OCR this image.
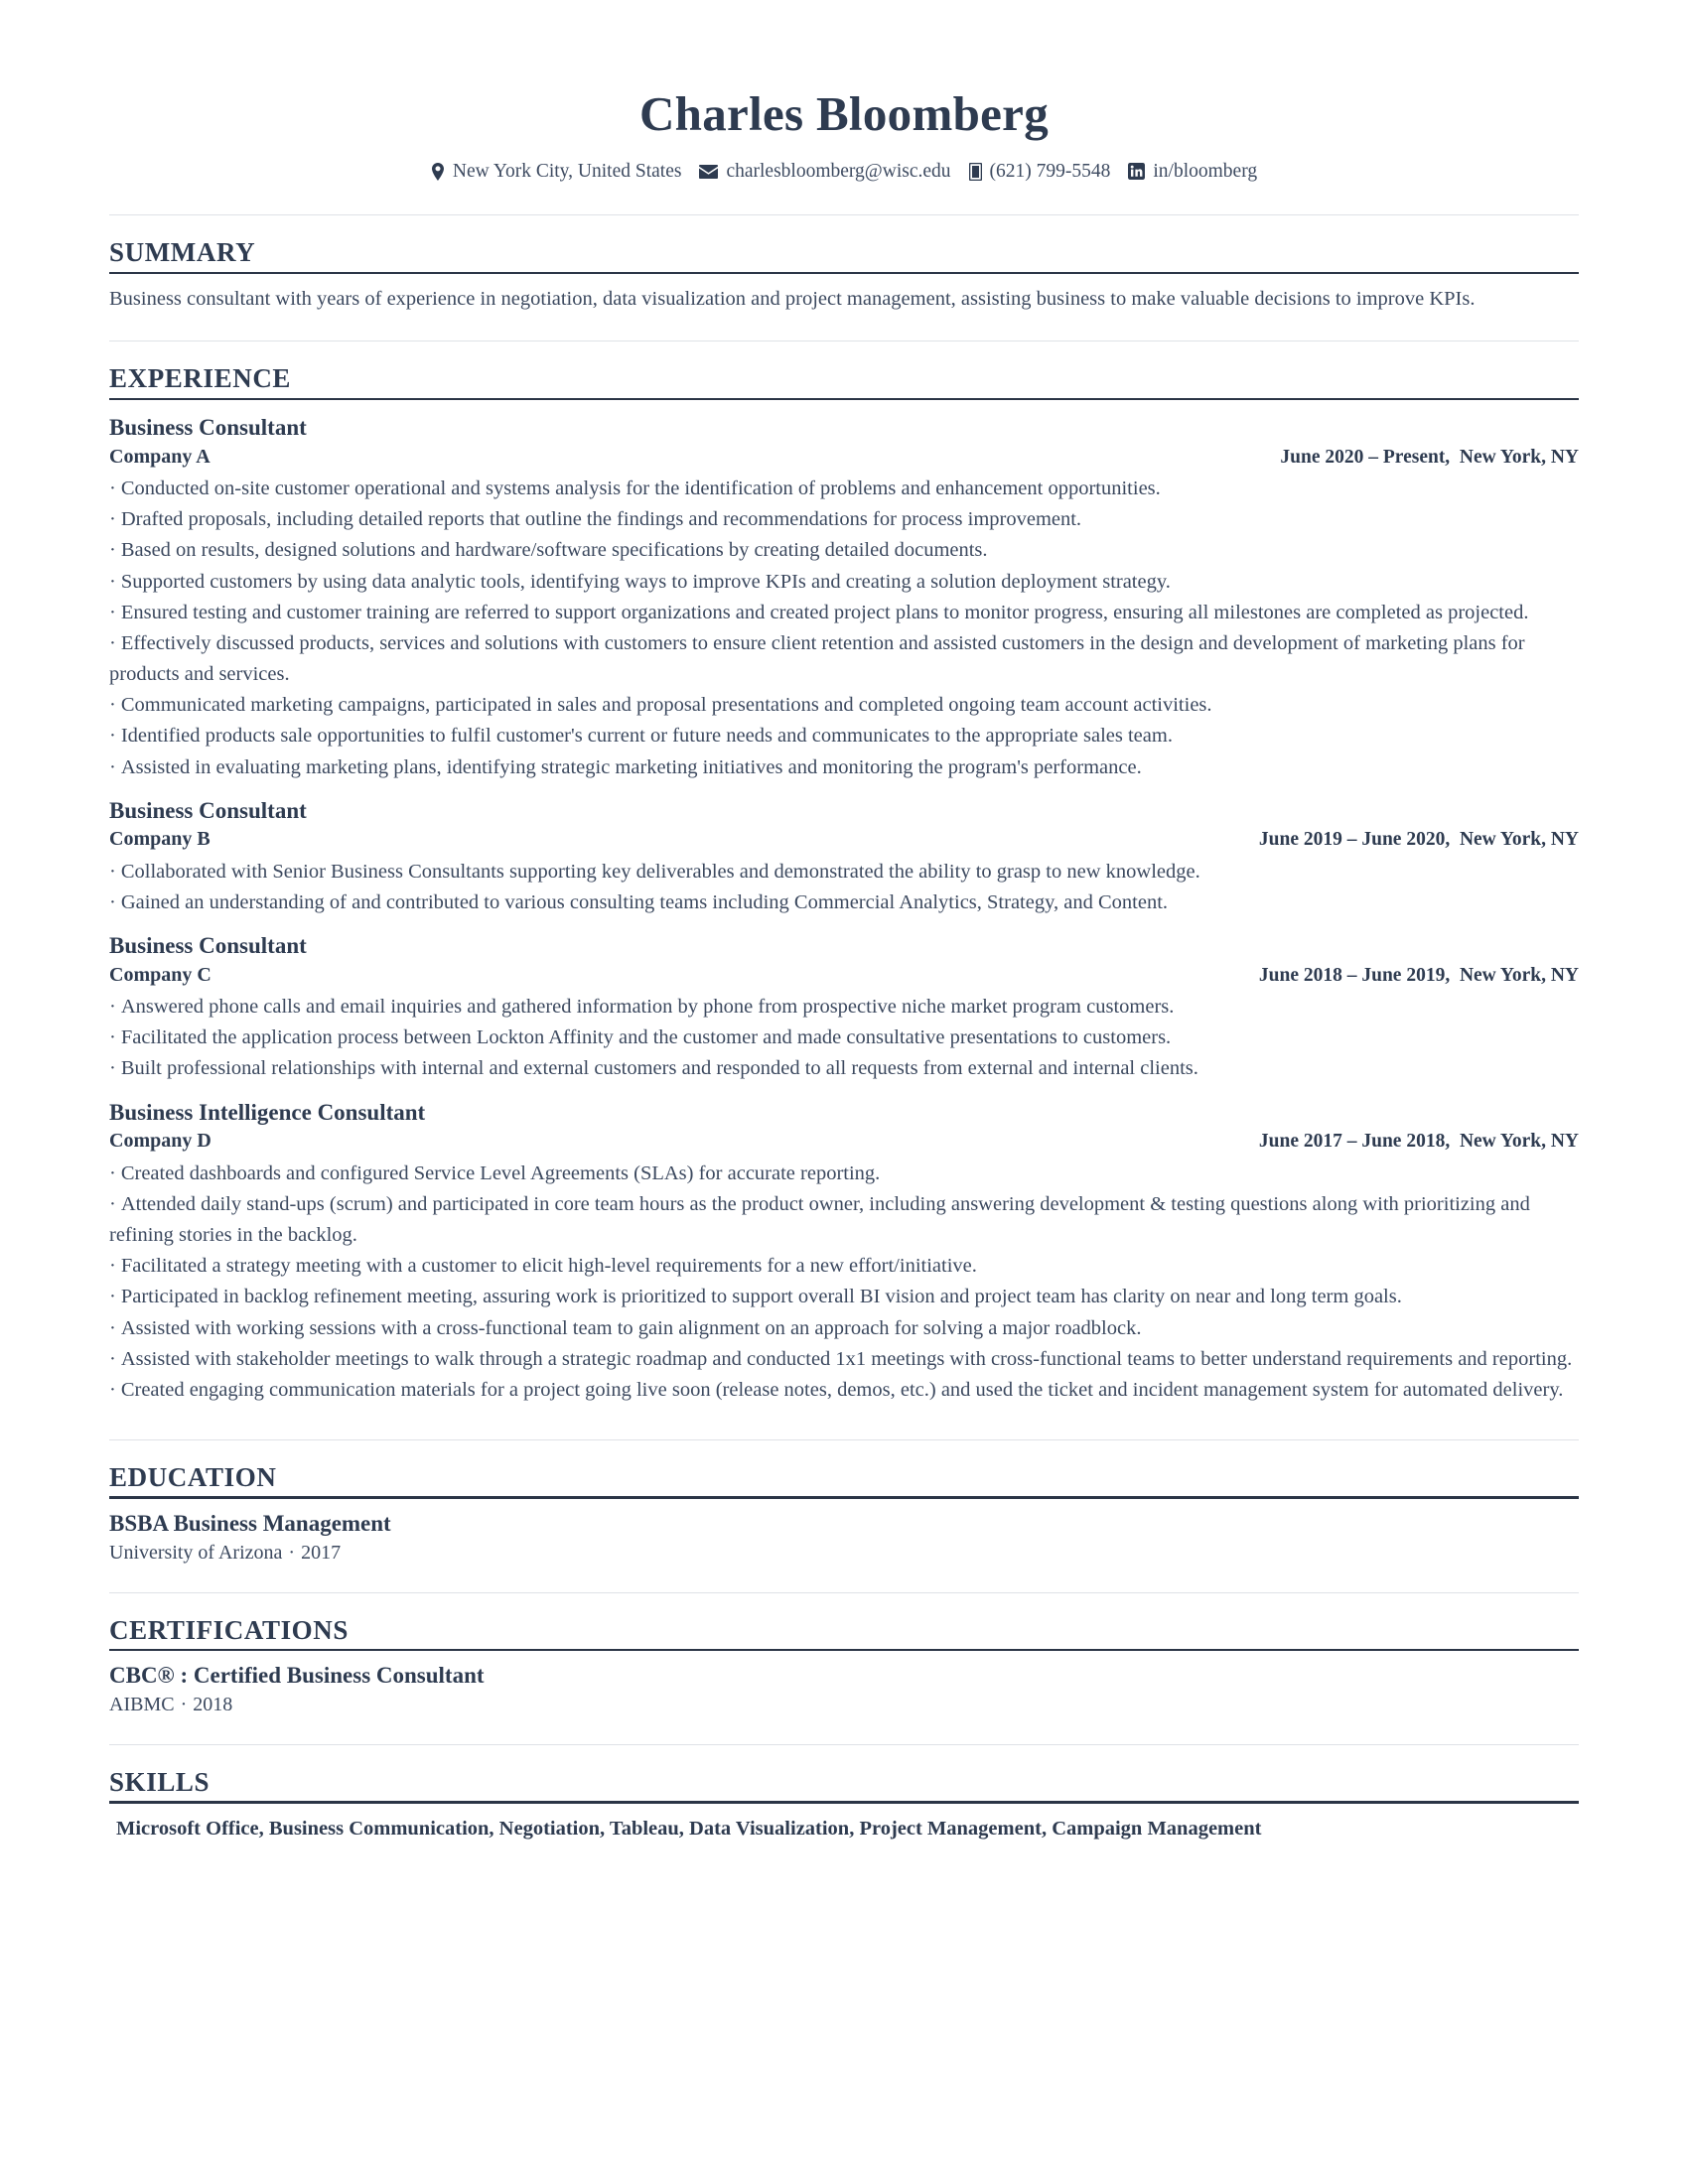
Charles Bloomberg
New York City, United States charlesbloomberg@wisc.edu (621) 799-5548 in/bloomberg
SUMMARY

Business consultant with years of experience in negotiation, data visualization and project management, assisting business to make valuable decisions to improve KPIs.

EXPERIENCE
Business Consultant
Company A	June 2020 – Present,  New York, NY
· Conducted on-site customer operational and systems analysis for the identification of problems and enhancement opportunities.
· Drafted proposals, including detailed reports that outline the findings and recommendations for process improvement.
· Based on results, designed solutions and hardware/software specifications by creating detailed documents.
· Supported customers by using data analytic tools, identifying ways to improve KPIs and creating a solution deployment strategy.
· Ensured testing and customer training are referred to support organizations and created project plans to monitor progress, ensuring all milestones are completed as projected.
· Effectively discussed products, services and solutions with customers to ensure client retention and assisted customers in the design and development of marketing plans for products and services.
· Communicated marketing campaigns, participated in sales and proposal presentations and completed ongoing team account activities.
· Identified products sale opportunities to fulfil customer's current or future needs and communicates to the appropriate sales team.
· Assisted in evaluating marketing plans, identifying strategic marketing initiatives and monitoring the program's performance.
Business Consultant
Company B	June 2019 – June 2020,  New York, NY
· Collaborated with Senior Business Consultants supporting key deliverables and demonstrated the ability to grasp to new knowledge.
· Gained an understanding of and contributed to various consulting teams including Commercial Analytics, Strategy, and Content.
Business Consultant
Company C	June 2018 – June 2019,  New York, NY
· Answered phone calls and email inquiries and gathered information by phone from prospective niche market program customers.
· Facilitated the application process between Lockton Affinity and the customer and made consultative presentations to customers.
· Built professional relationships with internal and external customers and responded to all requests from external and internal clients.
Business Intelligence Consultant
Company D	June 2017 – June 2018,  New York, NY
· Created dashboards and configured Service Level Agreements (SLAs) for accurate reporting.
· Attended daily stand-ups (scrum) and participated in core team hours as the product owner, including answering development & testing questions along with prioritizing and refining stories in the backlog.
· Facilitated a strategy meeting with a customer to elicit high-level requirements for a new effort/initiative.
· Participated in backlog refinement meeting, assuring work is prioritized to support overall BI vision and project team has clarity on near and long term goals.
· Assisted with working sessions with a cross-functional team to gain alignment on an approach for solving a major roadblock.
· Assisted with stakeholder meetings to walk through a strategic roadmap and conducted 1x1 meetings with cross-functional teams to better understand requirements and reporting.
· Created engaging communication materials for a project going live soon (release notes, demos, etc.) and used the ticket and incident management system for automated delivery.
EDUCATION
BSBA Business Management
University of Arizona · 2017
CERTIFICATIONS
CBC® : Certified Business Consultant
AIBMC · 2018
SKILLS

Microsoft Office, Business Communication, Negotiation, Tableau, Data Visualization, Project Management, Campaign Management
